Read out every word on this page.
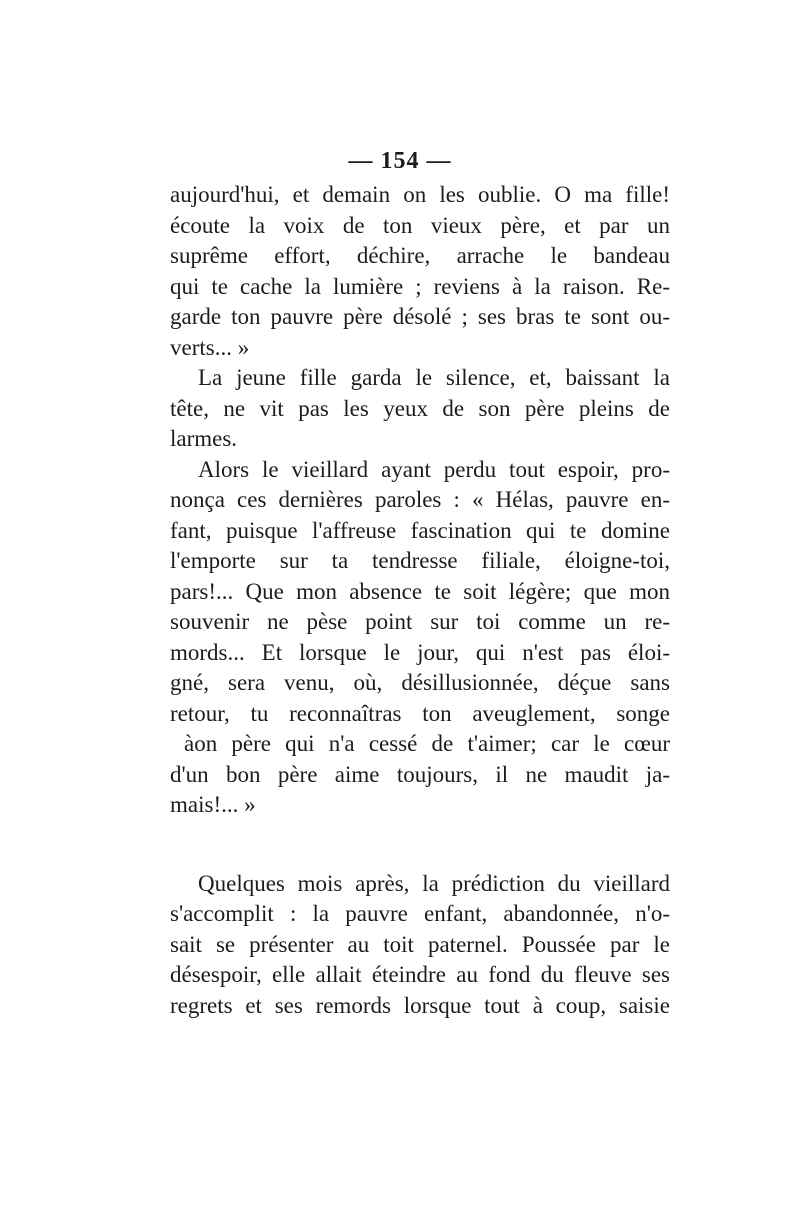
— 154 —
aujourd'hui, et demain on les oublie. O ma fille!
écoute la voix de ton vieux père, et par un
suprême effort, déchire, arrache le bandeau
qui te cache la lumière ; reviens à la raison. Re-
garde ton pauvre père désolé ; ses bras te sont ou-
verts... »
La jeune fille garda le silence, et, baissant la
tête, ne vit pas les yeux de son père pleins de
larmes.
Alors le vieillard ayant perdu tout espoir, pro-
nonça ces dernières paroles : « Hélas, pauvre en-
fant, puisque l'affreuse fascination qui te domine
l'emporte sur ta tendresse filiale, éloigne-toi,
pars!... Que mon absence te soit légère; que mon
souvenir ne pèse point sur toi comme un re-
mords... Et lorsque le jour, qui n'est pas éloi-
gné, sera venu, où, désillusionnée, déçue sans
retour, tu reconnaîtras ton aveuglement, songe
àon père qui n'a cessé de t'aimer; car le cœur
d'un bon père aime toujours, il ne maudit ja-
mais!... »
Quelques mois après, la prédiction du vieillard
s'accomplit : la pauvre enfant, abandonnée, n'o-
sait se présenter au toit paternel. Poussée par le
désespoir, elle allait éteindre au fond du fleuve ses
regrets et ses remords lorsque tout à coup, saisie
